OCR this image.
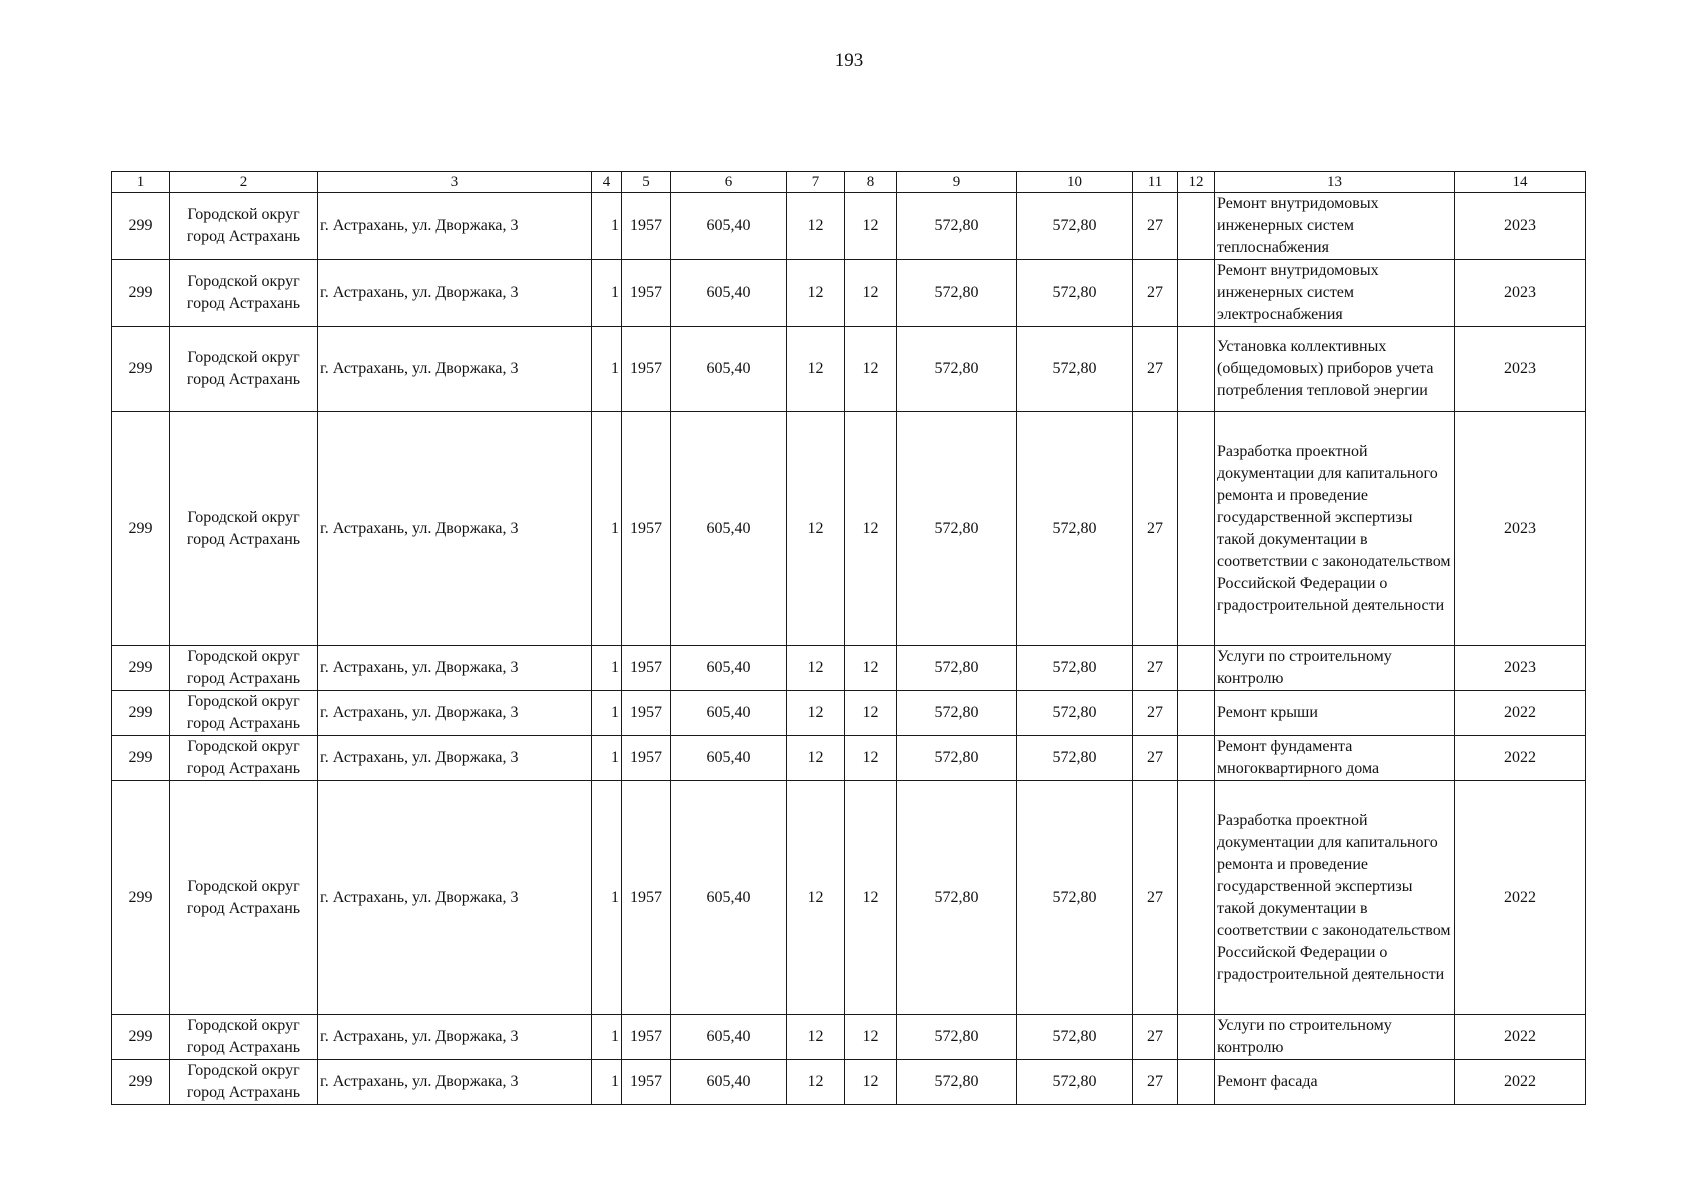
193
1	2	3	4	5	6	7	8	9	10	11	12	13	14
299	Городской округ город Астрахань	г. Астрахань, ул. Дворжака, 3	1	1957	605,40	12	12	572,80	572,80	27		Ремонт внутридомовых инженерных систем теплоснабжения	2023
299	Городской округ город Астрахань	г. Астрахань, ул. Дворжака, 3	1	1957	605,40	12	12	572,80	572,80	27		Ремонт внутридомовых инженерных систем электроснабжения	2023
299	Городской округ город Астрахань	г. Астрахань, ул. Дворжака, 3	1	1957	605,40	12	12	572,80	572,80	27		Установка коллективных (общедомовых) приборов учета потребления тепловой энергии	2023
299	Городской округ город Астрахань	г. Астрахань, ул. Дворжака, 3	1	1957	605,40	12	12	572,80	572,80	27		Разработка проектной документации для капитального ремонта и проведение государственной экспертизы такой документации в соответствии с законодательством Российской Федерации о градостроительной деятельности	2023
299	Городской округ город Астрахань	г. Астрахань, ул. Дворжака, 3	1	1957	605,40	12	12	572,80	572,80	27		Услуги по строительному контролю	2023
299	Городской округ город Астрахань	г. Астрахань, ул. Дворжака, 3	1	1957	605,40	12	12	572,80	572,80	27		Ремонт крыши	2022
299	Городской округ город Астрахань	г. Астрахань, ул. Дворжака, 3	1	1957	605,40	12	12	572,80	572,80	27		Ремонт фундамента многоквартирного дома	2022
299	Городской округ город Астрахань	г. Астрахань, ул. Дворжака, 3	1	1957	605,40	12	12	572,80	572,80	27		Разработка проектной документации для капитального ремонта и проведение государственной экспертизы такой документации в соответствии с законодательством Российской Федерации о градостроительной деятельности	2022
299	Городской округ город Астрахань	г. Астрахань, ул. Дворжака, 3	1	1957	605,40	12	12	572,80	572,80	27		Услуги по строительному контролю	2022
299	Городской округ город Астрахань	г. Астрахань, ул. Дворжака, 3	1	1957	605,40	12	12	572,80	572,80	27		Ремонт фасада	2022
